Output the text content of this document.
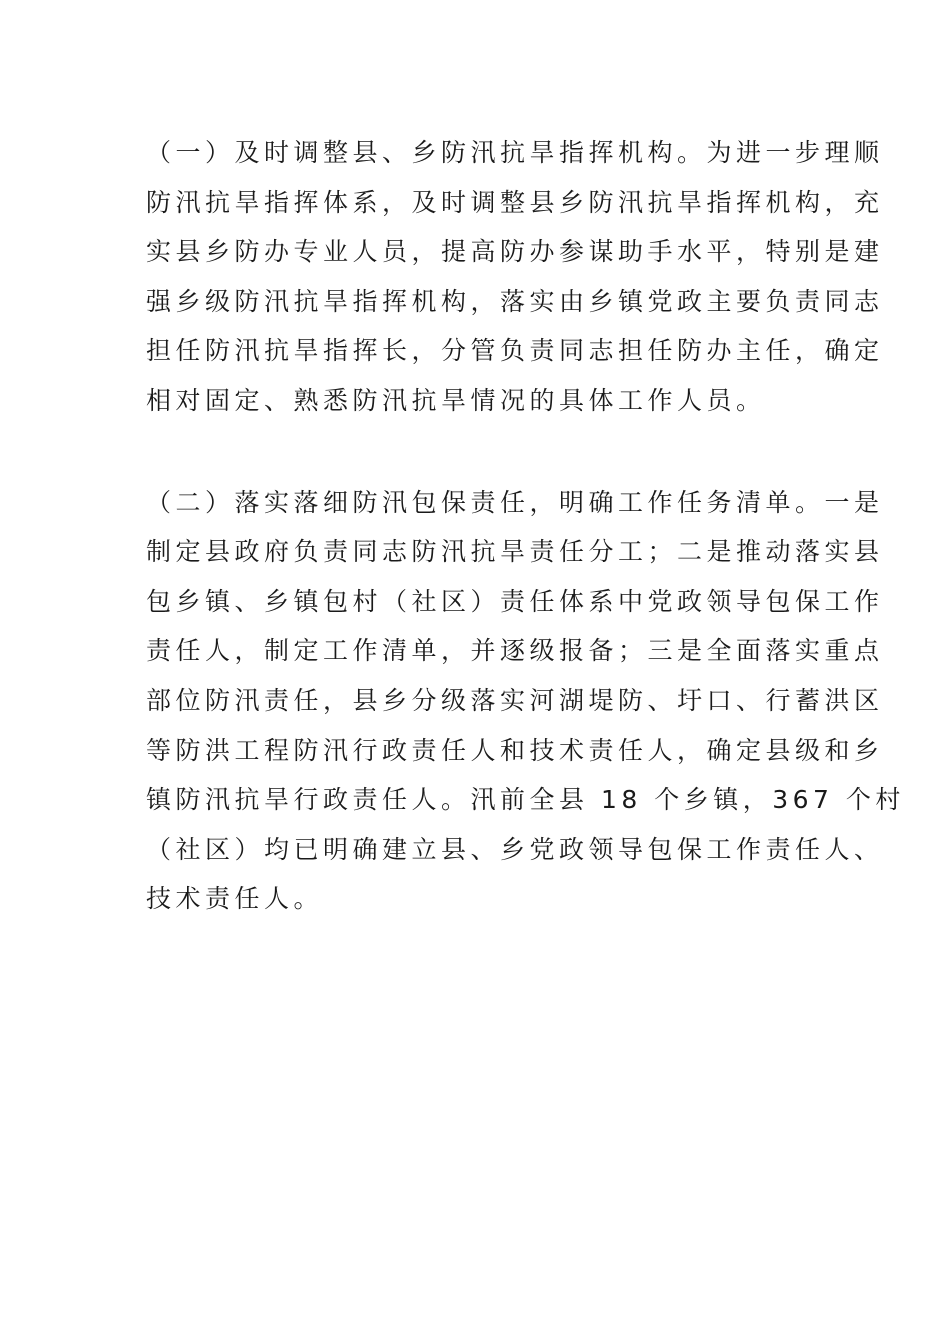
（一）及时调整县、乡防汛抗旱指挥机构。为进一步理顺
防汛抗旱指挥体系，及时调整县乡防汛抗旱指挥机构，充
实县乡防办专业人员，提高防办参谋助手水平，特别是建
强乡级防汛抗旱指挥机构，落实由乡镇党政主要负责同志
担任防汛抗旱指挥长，分管负责同志担任防办主任，确定
相对固定、熟悉防汛抗旱情况的具体工作人员。
（二）落实落细防汛包保责任，明确工作任务清单。一是
制定县政府负责同志防汛抗旱责任分工；二是推动落实县
包乡镇、乡镇包村（社区）责任体系中党政领导包保工作
责任人，制定工作清单，并逐级报备；三是全面落实重点
部位防汛责任，县乡分级落实河湖堤防、圩口、行蓄洪区
等防洪工程防汛行政责任人和技术责任人，确定县级和乡
镇防汛抗旱行政责任人。汛前全县 18 个乡镇，367 个村
（社区）均已明确建立县、乡党政领导包保工作责任人、
技术责任人。
